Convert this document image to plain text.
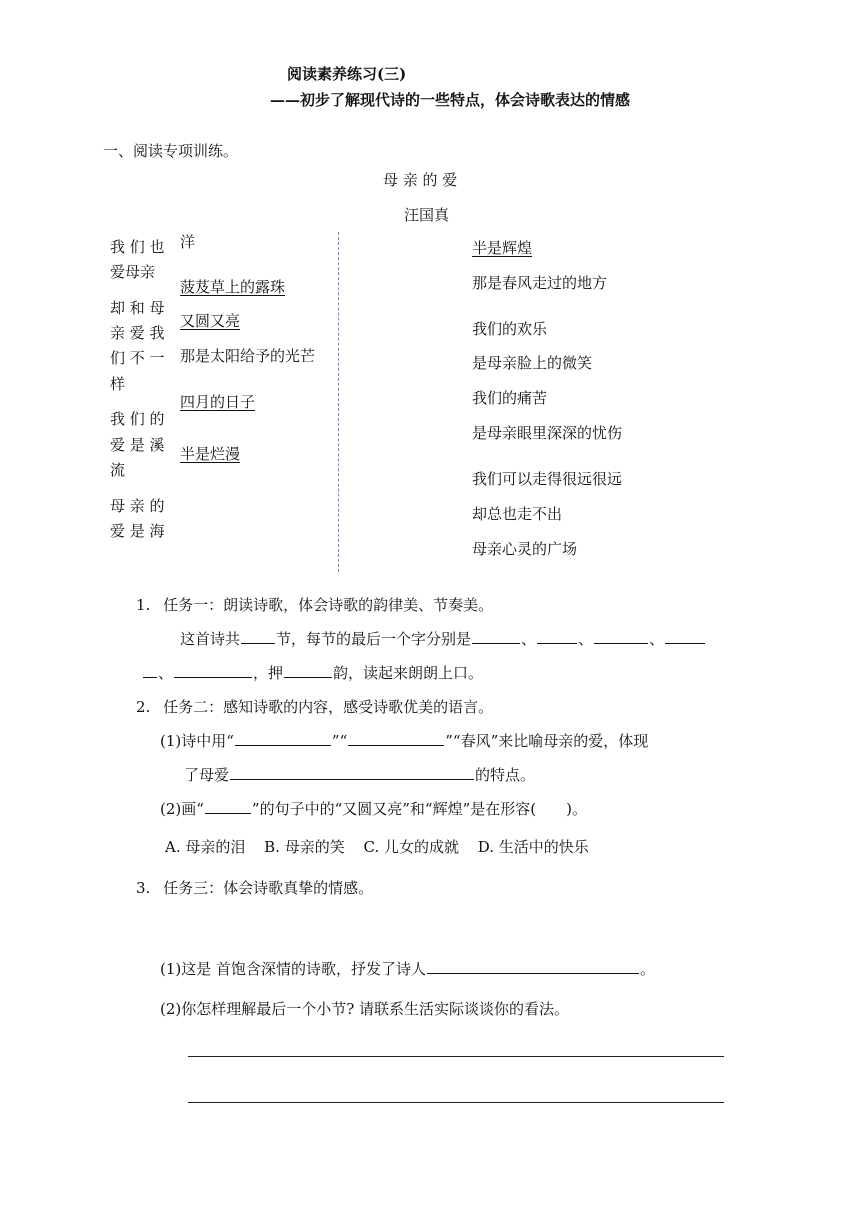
阅读素养练习(三)
——初步了解现代诗的一些特点，体会诗歌表达的情感
一、阅读专项训练。
母 亲 的 爱
汪国真
我 们 也
爱母亲
却 和 母
亲 爱 我
们 不 一
样
我 们 的
爱 是 溪
流
母 亲 的
爱 是 海
洋
菠芨草上的露珠
又圆又亮
那是太阳给予的光芒
四月的日子
半是烂漫
半是辉煌
那是春风走过的地方
我们的欢乐
是母亲脸上的微笑
我们的痛苦
是母亲眼里深深的忧伤
我们可以走得很远很远
却总也走不出
母亲心灵的广场
1. 任务一：朗读诗歌，体会诗歌的韵律美、节奏美。
这首诗共 节，每节的最后一个字分别是	、	、	、
、	，押	韵，读起来朗朗上口。
2. 任务二：感知诗歌的内容，感受诗歌优美的语言。
(1)诗中用“	”“	”“春风”来比喻母亲的爱，体现
了母爱	的特点。
(2)画“	”的句子中的“又圆又亮”和“辉煌”是在形容( )。
A. 母亲的泪 B. 母亲的笑 C. 儿女的成就 D. 生活中的快乐
3. 任务三：体会诗歌真挚的情感。
(1)这是 首饱含深情的诗歌，抒发了诗人	。
(2)你怎样理解最后一个小节? 请联系生活实际谈谈你的看法。
